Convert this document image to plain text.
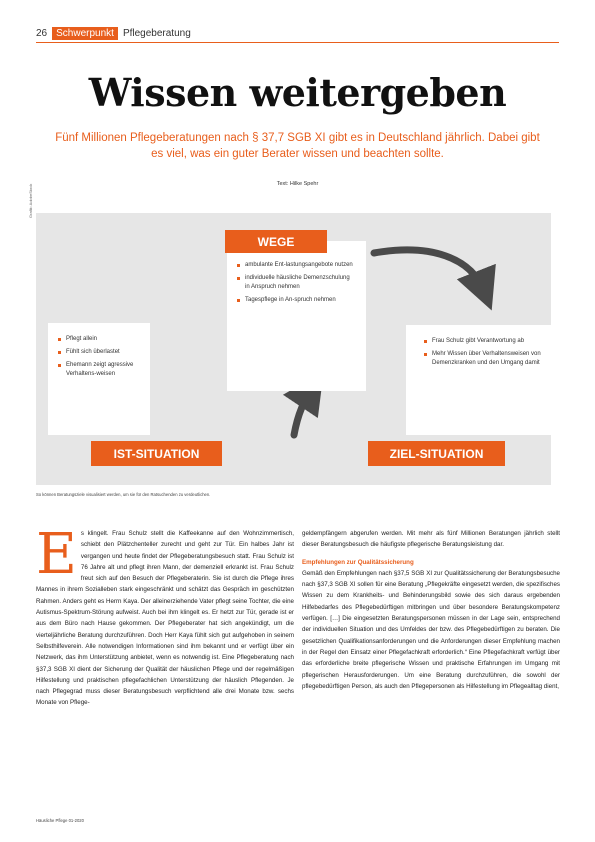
26 Schwerpunkt Pflegeberatung
Wissen weitergeben

Fünf Millionen Pflegeberatungen nach § 37,7 SGB XI gibt es in Deutschland jährlich. Dabei gibt es viel, was ein guter Berater wissen und beachten sollte.

Text: Hilke Spehr

Grafik: AdobeStock
ambulante Ent-lastungsangebote nutzen
individuelle häusliche Demenzschulung in Anspruch nehmen
Tagespflege in An-spruch nehmen
WEGE
Pflegt allein
Fühlt sich überlastet
Ehemann zeigt agressive Verhaltens-weisen
IST-SITUATION
Frau Schulz gibt Verantwortung ab
Mehr Wissen über Verhaltensweisen von Demenzkranken und den Umgang damit
ZIEL-SITUATION

So können Beratungsziele visualisiert werden, um sie für den Ratsuchenden zu verdeutlichen.

E s klingelt. Frau Schulz stellt die Kaffeekanne auf den Wohnzimmertisch, schiebt den Plätzchenteller zurecht und geht zur Tür. Ein halbes Jahr ist vergangen und heute findet der Pflegeberatungsbesuch statt. Frau Schulz ist 76 Jahre alt und pflegt ihren Mann, der demenziell erkrankt ist. Frau Schulz freut sich auf den Besuch der Pflegeberaterin. Sie ist durch die Pflege ihres Mannes in ihrem Sozialleben stark eingeschränkt und schätzt das Gespräch im geschützten Rahmen. Anders geht es Herrn Kaya. Der alleinerziehende Vater pflegt seine Tochter, die eine Autismus-Spektrum-Störung aufweist. Auch bei ihm klingelt es. Er hetzt zur Tür, gerade ist er aus dem Büro nach Hause gekommen. Der Pflegeberater hat sich angekündigt, um die vierteljährliche Beratung durchzuführen. Doch Herr Kaya fühlt sich gut aufgehoben in seinem Selbsthilfeverein. Alle notwendigen Informationen sind ihm bekannt und er verfügt über ein Netzwerk, das ihm Unterstützung anbietet, wenn es notwendig ist. Eine Pflegeberatung nach §37,3 SGB XI dient der Sicherung der Qualität der häuslichen Pflege und der regelmäßigen Hilfestellung und praktischen pflegefachlichen Unterstützung der häuslich Pflegenden. Je nach Pflegegrad muss dieser Beratungsbesuch verpflichtend alle drei Monate bzw. sechs Monate von Pflege-

geldempfängern abgerufen werden. Mit mehr als fünf Millionen Beratungen jährlich stellt dieser Beratungsbesuch die häufigste pflegerische Beratungsleistung dar.

Empfehlungen zur Qualitätssicherung

Gemäß den Empfehlungen nach §37,5 SGB XI zur Qualitätssicherung der Beratungsbesuche nach §37,3 SGB XI sollen für eine Beratung „Pflegekräfte eingesetzt werden, die spezifisches Wissen zu dem Krankheits- und Behinderungsbild sowie des sich daraus ergebenden Hilfebedarfes des Pflegebedürftigen mitbringen und über besondere Beratungskompetenz verfügen. […] Die eingesetzten Beratungspersonen müssen in der Lage sein, entsprechend der individuellen Situation und des Umfeldes der bzw. des Pflegebedürftigen zu beraten. Die gesetzlichen Qualifikationsanforderungen und die Anforderungen dieser Empfehlung machen in der Regel den Einsatz einer Pflegefachkraft erforderlich.“ Eine Pflegefachkraft verfügt über das erforderliche breite pflegerische Wissen und praktische Erfahrungen im Umgang mit pflegerischen Herausforderungen. Um eine Beratung durchzuführen, die sowohl der pflegebedürftigen Person, als auch den Pflegepersonen als Hilfestellung im Pflegealltag dient,

Häusliche Pflege 01-2020
